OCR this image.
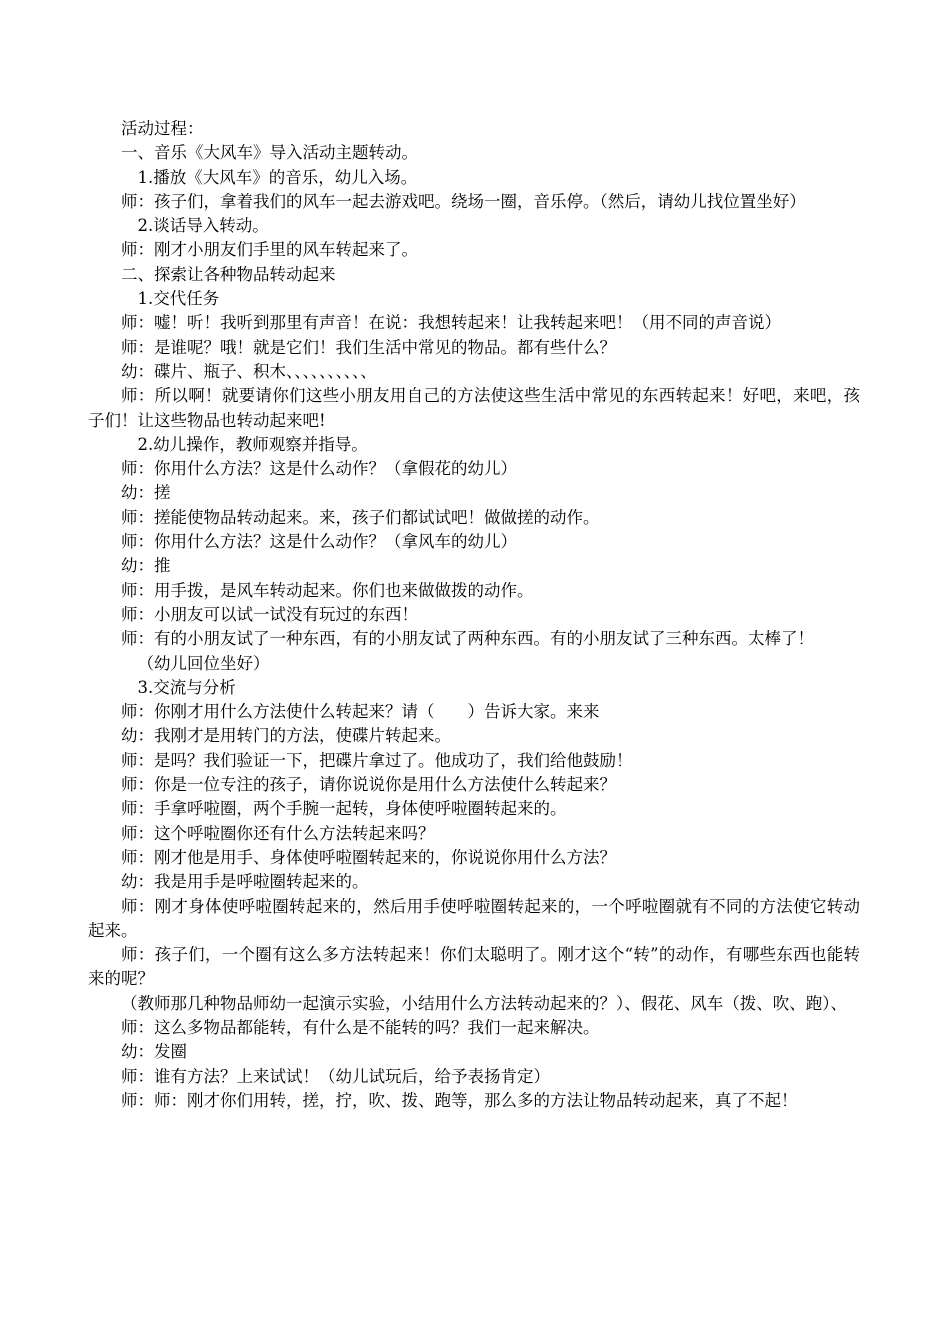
活动过程：

一、音乐《大风车》导入活动主题转动。

1.播放《大风车》的音乐，幼儿入场。

师：孩子们，拿着我们的风车一起去游戏吧。绕场一圈，音乐停。（然后，请幼儿找位置坐好）

2.谈话导入转动。

师：刚才小朋友们手里的风车转起来了。

二、探索让各种物品转动起来

1.交代任务

师：嘘！听！我听到那里有声音！在说：我想转起来！让我转起来吧！（用不同的声音说）

师：是谁呢？哦！就是它们！我们生活中常见的物品。都有些什么？

幼：碟片、瓶子、积木、、、、、、、、、、

师：所以啊！就要请你们这些小朋友用自己的方法使这些生活中常见的东西转起来！好吧，来吧，孩子们！让这些物品也转动起来吧!

2.幼儿操作，教师观察并指导。

师：你用什么方法？这是什么动作？（拿假花的幼儿）

幼：搓

师：搓能使物品转动起来。来，孩子们都试试吧！做做搓的动作。

师：你用什么方法？这是什么动作？（拿风车的幼儿）

幼：推

师：用手拨，是风车转动起来。你们也来做做拨的动作。

师：小朋友可以试一试没有玩过的东西！

师：有的小朋友试了一种东西，有的小朋友试了两种东西。有的小朋友试了三种东西。太棒了！

（幼儿回位坐好）

3.交流与分析

师：你刚才用什么方法使什么转起来？请（　　）告诉大家。来来

幼：我刚才是用转门的方法，使碟片转起来。

师：是吗？我们验证一下，把碟片拿过了。他成功了，我们给他鼓励！

师：你是一位专注的孩子，请你说说你是用什么方法使什么转起来？

师：手拿呼啦圈，两个手腕一起转，身体使呼啦圈转起来的。

师：这个呼啦圈你还有什么方法转起来吗？

师：刚才他是用手、身体使呼啦圈转起来的，你说说你用什么方法？

幼：我是用手是呼啦圈转起来的。

师：刚才身体使呼啦圈转起来的，然后用手使呼啦圈转起来的，一个呼啦圈就有不同的方法使它转动起来。

师：孩子们，一个圈有这么多方法转起来！你们太聪明了。刚才这个“转”的动作，有哪些东西也能转来的呢？

（教师那几种物品师幼一起演示实验，小结用什么方法转动起来的？）、假花、风车（拨、吹、跑）、

师：这么多物品都能转，有什么是不能转的吗？我们一起来解决。

幼：发圈

师：谁有方法？上来试试！（幼儿试玩后，给予表扬肯定）

师：师：刚才你们用转，搓，拧，吹、拨、跑等，那么多的方法让物品转动起来，真了不起！
